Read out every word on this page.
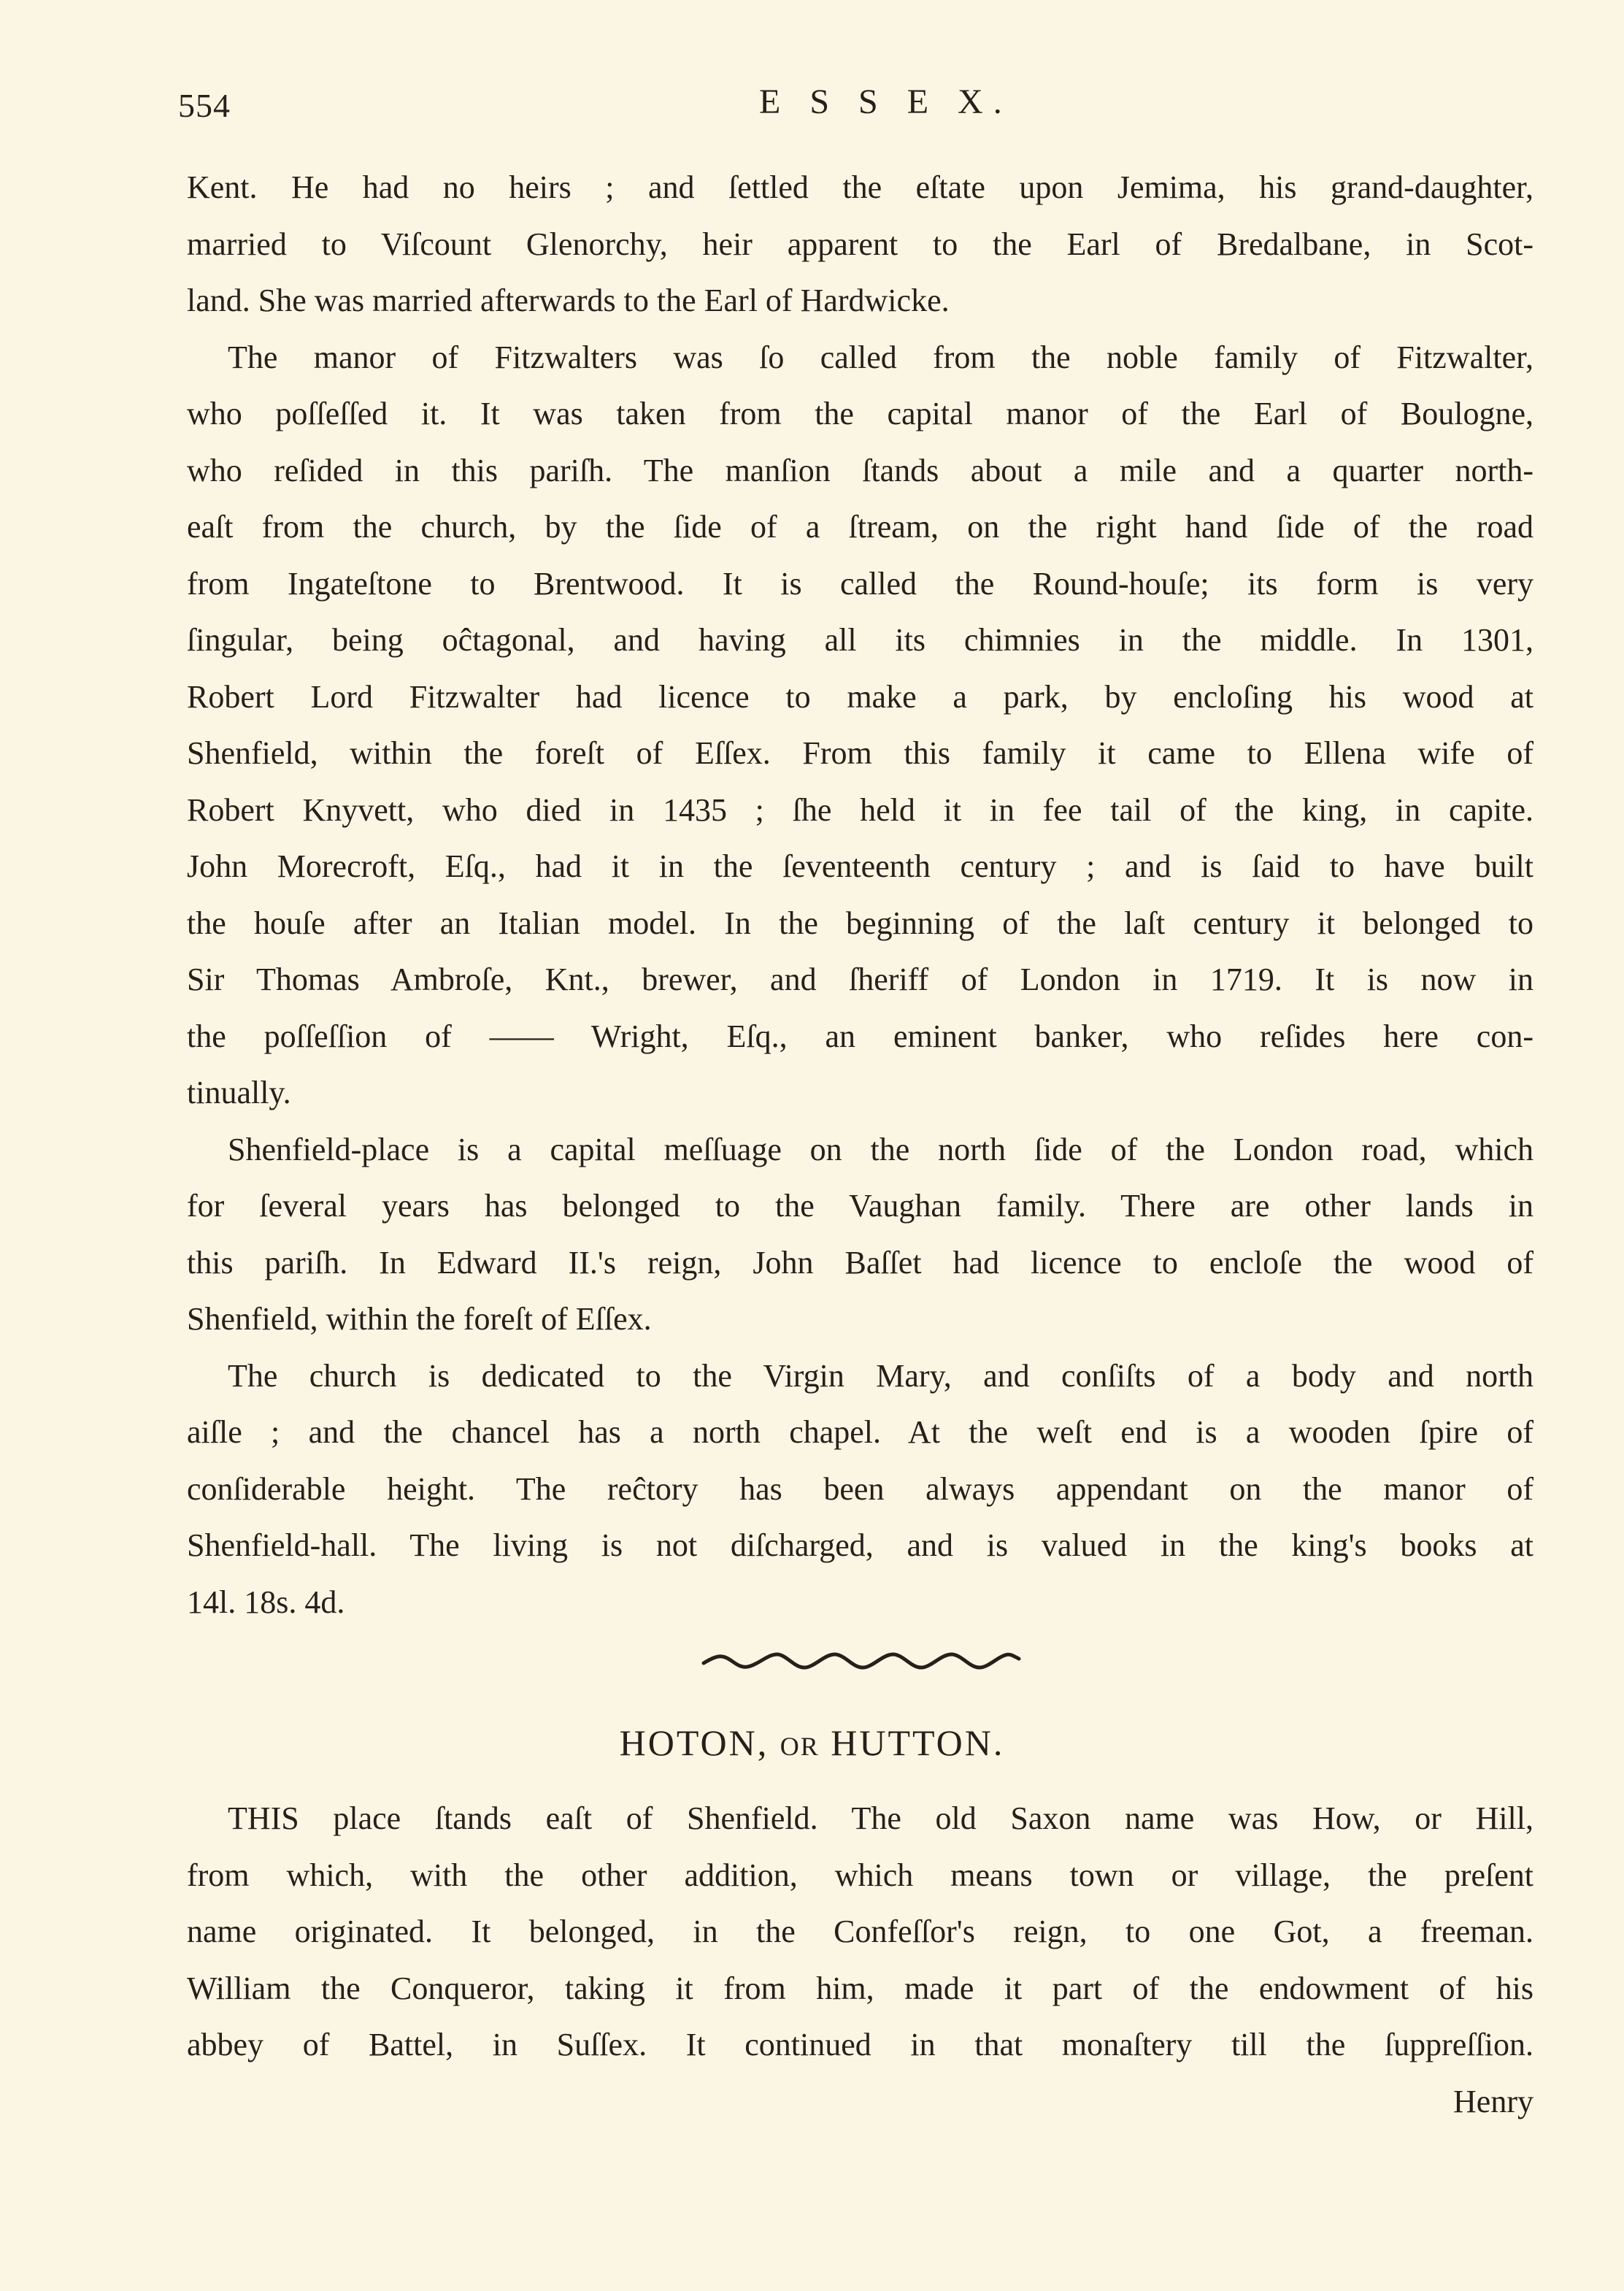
554	E S S E X.
Kent. He had no heirs ; and ſettled the eſtate upon Jemima, his grand-daughter,
married to Viſcount Glenorchy, heir apparent tо the Earl of Bredalbane, in Scot-
land. She was married afterwards to the Earl of Hardwicke.
The manor of Fitzwalters was ſo called from the noble family of Fitzwalter,
who poſſeſſed it. It was taken from the capital manor of the Earl of Boulogne,
who reſided in this pariſh. The manſion ſtands about a mile and a quarter north-
eaſt from the church, by the ſide of a ſtream, on the right hand ſide of the road
from Ingateſtone to Brentwood. It is called the Round-houſe; its form is very
ſingular, being oĉtagonal, and having all its chimnies in the middle. In 1301,
Robert Lord Fitzwalter had licence to make a park, by encloſing his wood at
Shenfield, within the foreſt of Eſſex. From this family it came to Ellena wife of
Robert Knyvett, who died in 1435 ; ſhe held it in fee tail of the king, in capite.
John Morecroft, Eſq., had it in the ſeventeenth century ; and is ſaid to have built
the houſe after an Italian model. In the beginning of the laſt century it belonged to
Sir Thomas Ambroſe, Knt., brewer, and ſheriff of London in 1719. It is now in
the poſſeſſion of —— Wright, Eſq., an eminent banker, who reſides here con-
tinually.
Shenfield-place is a capital meſſuage on the north ſide of the London road, which
for ſeveral years has belonged to the Vaughan family. There are other lands in
this pariſh. In Edward II.'s reign, John Baſſet had licence to encloſe the wood of
Shenfield, within the foreſt of Eſſex.
The church is dedicated to the Virgin Mary, and conſiſts of a body and north
aiſle ; and the chancel has a north chapel. At the weſt end is a wooden ſpire of
conſiderable height. The reĉtory has been always appendant on the manor of
Shenfield-hall. The living is not diſcharged, and is valued in the king's books at
14l. 18s. 4d.
HOTON, OR HUTTON.
THIS place ſtands eaſt of Shenfield. The old Saxon name was How, or Hill,
from which, with the other addition, which means town or village, the preſent
name originated. It belonged, in the Confeſſor's reign, to one Got, a freeman.
William the Conqueror, taking it from him, made it part of the endowment of his
abbey of Battel, in Suſſex. It continued in that monaſtery till the ſuppreſſion.
Henry
